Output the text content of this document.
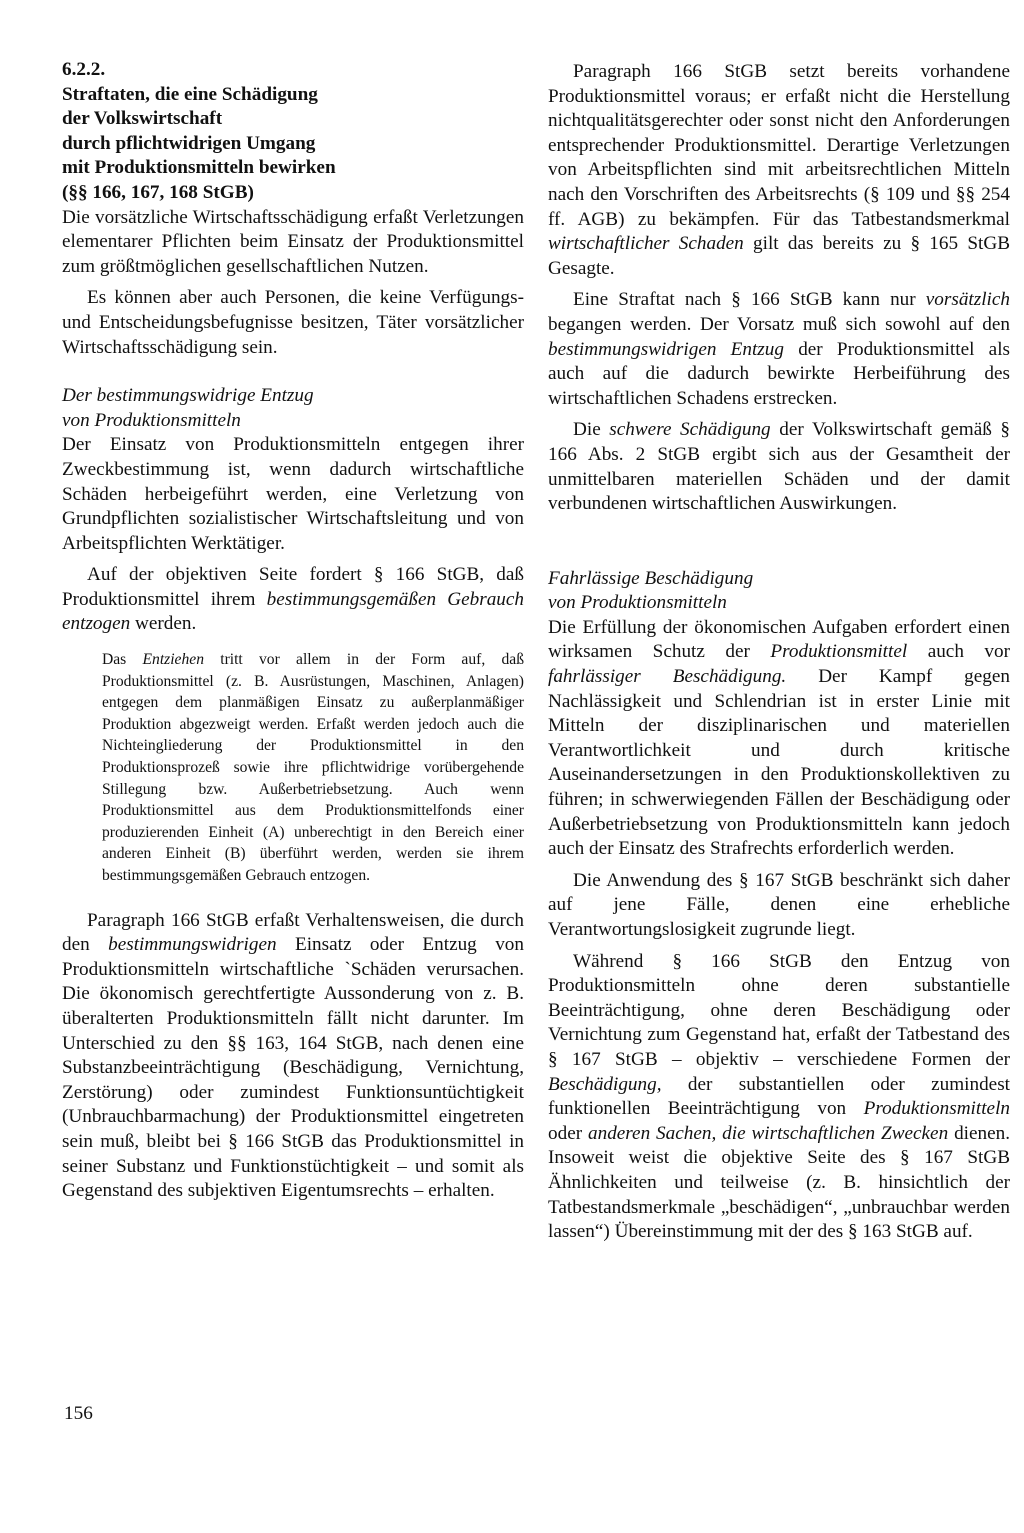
6.2.2.
Straftaten, die eine Schädigung
der Volkswirtschaft
durch pflichtwidrigen Umgang
mit Produktionsmitteln bewirken
(§§ 166, 167, 168 StGB)

Die vorsätzliche Wirtschaftsschädigung erfaßt Verletzungen elementarer Pflichten beim Einsatz der Produktionsmittel zum größtmöglichen gesellschaftlichen Nutzen.

Es können aber auch Personen, die keine Verfügungs- und Entscheidungsbefugnisse besitzen, Täter vorsätzlicher Wirtschaftsschädigung sein.

Der bestimmungswidrige Entzug
von Produktionsmitteln

Der Einsatz von Produktionsmitteln entgegen ihrer Zweckbestimmung ist, wenn dadurch wirtschaftliche Schäden herbeigeführt werden, eine Verletzung von Grundpflichten sozialistischer Wirtschaftsleitung und von Arbeitspflichten Werktätiger.

Auf der objektiven Seite fordert § 166 StGB, daß Produktionsmittel ihrem bestimmungsgemäßen Gebrauch entzogen werden.

Das Entziehen tritt vor allem in der Form auf, daß Produktionsmittel (z. B. Ausrüstungen, Maschinen, Anlagen) entgegen dem planmäßigen Einsatz zu außerplanmäßiger Produktion abgezweigt werden. Erfaßt werden jedoch auch die Nichteingliederung der Produktionsmittel in den Produktionsprozeß sowie ihre pflichtwidrige vorübergehende Stillegung bzw. Außerbetriebsetzung. Auch wenn Produktionsmittel aus dem Produktionsmittelfonds einer produzierenden Einheit (A) unberechtigt in den Bereich einer anderen Einheit (B) überführt werden, werden sie ihrem bestimmungsgemäßen Gebrauch entzogen.

Paragraph 166 StGB erfaßt Verhaltensweisen, die durch den bestimmungswidrigen Einsatz oder Entzug von Produktionsmitteln wirtschaftliche `Schäden verursachen. Die ökonomisch gerechtfertigte Aussonderung von z. B. überalterten Produktionsmitteln fällt nicht darunter. Im Unterschied zu den §§ 163, 164 StGB, nach denen eine Substanzbeeinträchtigung (Beschädigung, Vernichtung, Zerstörung) oder zumindest Funktionsuntüchtigkeit (Unbrauchbarmachung) der Produktionsmittel eingetreten sein muß, bleibt bei § 166 StGB das Produktionsmittel in seiner Substanz und Funktionstüchtigkeit – und somit als Gegenstand des subjektiven Eigentumsrechts – erhalten.

Paragraph 166 StGB setzt bereits vorhandene Produktionsmittel voraus; er erfaßt nicht die Herstellung nichtqualitätsgerechter oder sonst nicht den Anforderungen entsprechender Produktionsmittel. Derartige Verletzungen von Arbeitspflichten sind mit arbeitsrechtlichen Mitteln nach den Vorschriften des Arbeitsrechts (§ 109 und §§ 254 ff. AGB) zu bekämpfen. Für das Tatbestandsmerkmal wirtschaftlicher Schaden gilt das bereits zu § 165 StGB Gesagte.

Eine Straftat nach § 166 StGB kann nur vorsätzlich begangen werden. Der Vorsatz muß sich sowohl auf den bestimmungswidrigen Entzug der Produktionsmittel als auch auf die dadurch bewirkte Herbeiführung des wirtschaftlichen Schadens erstrecken.

Die schwere Schädigung der Volkswirtschaft gemäß § 166 Abs. 2 StGB ergibt sich aus der Gesamtheit der unmittelbaren materiellen Schäden und der damit verbundenen wirtschaftlichen Auswirkungen.

Fahrlässige Beschädigung
von Produktionsmitteln

Die Erfüllung der ökonomischen Aufgaben erfordert einen wirksamen Schutz der Produktionsmittel auch vor fahrlässiger Beschädigung. Der Kampf gegen Nachlässigkeit und Schlendrian ist in erster Linie mit Mitteln der disziplinarischen und materiellen Verantwortlichkeit und durch kritische Auseinandersetzungen in den Produktionskollektiven zu führen; in schwerwiegenden Fällen der Beschädigung oder Außerbetriebsetzung von Produktionsmitteln kann jedoch auch der Einsatz des Strafrechts erforderlich werden.

Die Anwendung des § 167 StGB beschränkt sich daher auf jene Fälle, denen eine erhebliche Verantwortungslosigkeit zugrunde liegt.

Während § 166 StGB den Entzug von Produktionsmitteln ohne deren substantielle Beeinträchtigung, ohne deren Beschädigung oder Vernichtung zum Gegenstand hat, erfaßt der Tatbestand des § 167 StGB – objektiv – verschiedene Formen der Beschädigung, der substantiellen oder zumindest funktionellen Beeinträchtigung von Produktionsmitteln oder anderen Sachen, die wirtschaftlichen Zwecken dienen. Insoweit weist die objektive Seite des § 167 StGB Ähnlichkeiten und teilweise (z. B. hinsichtlich der Tatbestandsmerkmale „beschädigen“, „unbrauchbar werden lassen“) Übereinstimmung mit der des § 163 StGB auf.

156
